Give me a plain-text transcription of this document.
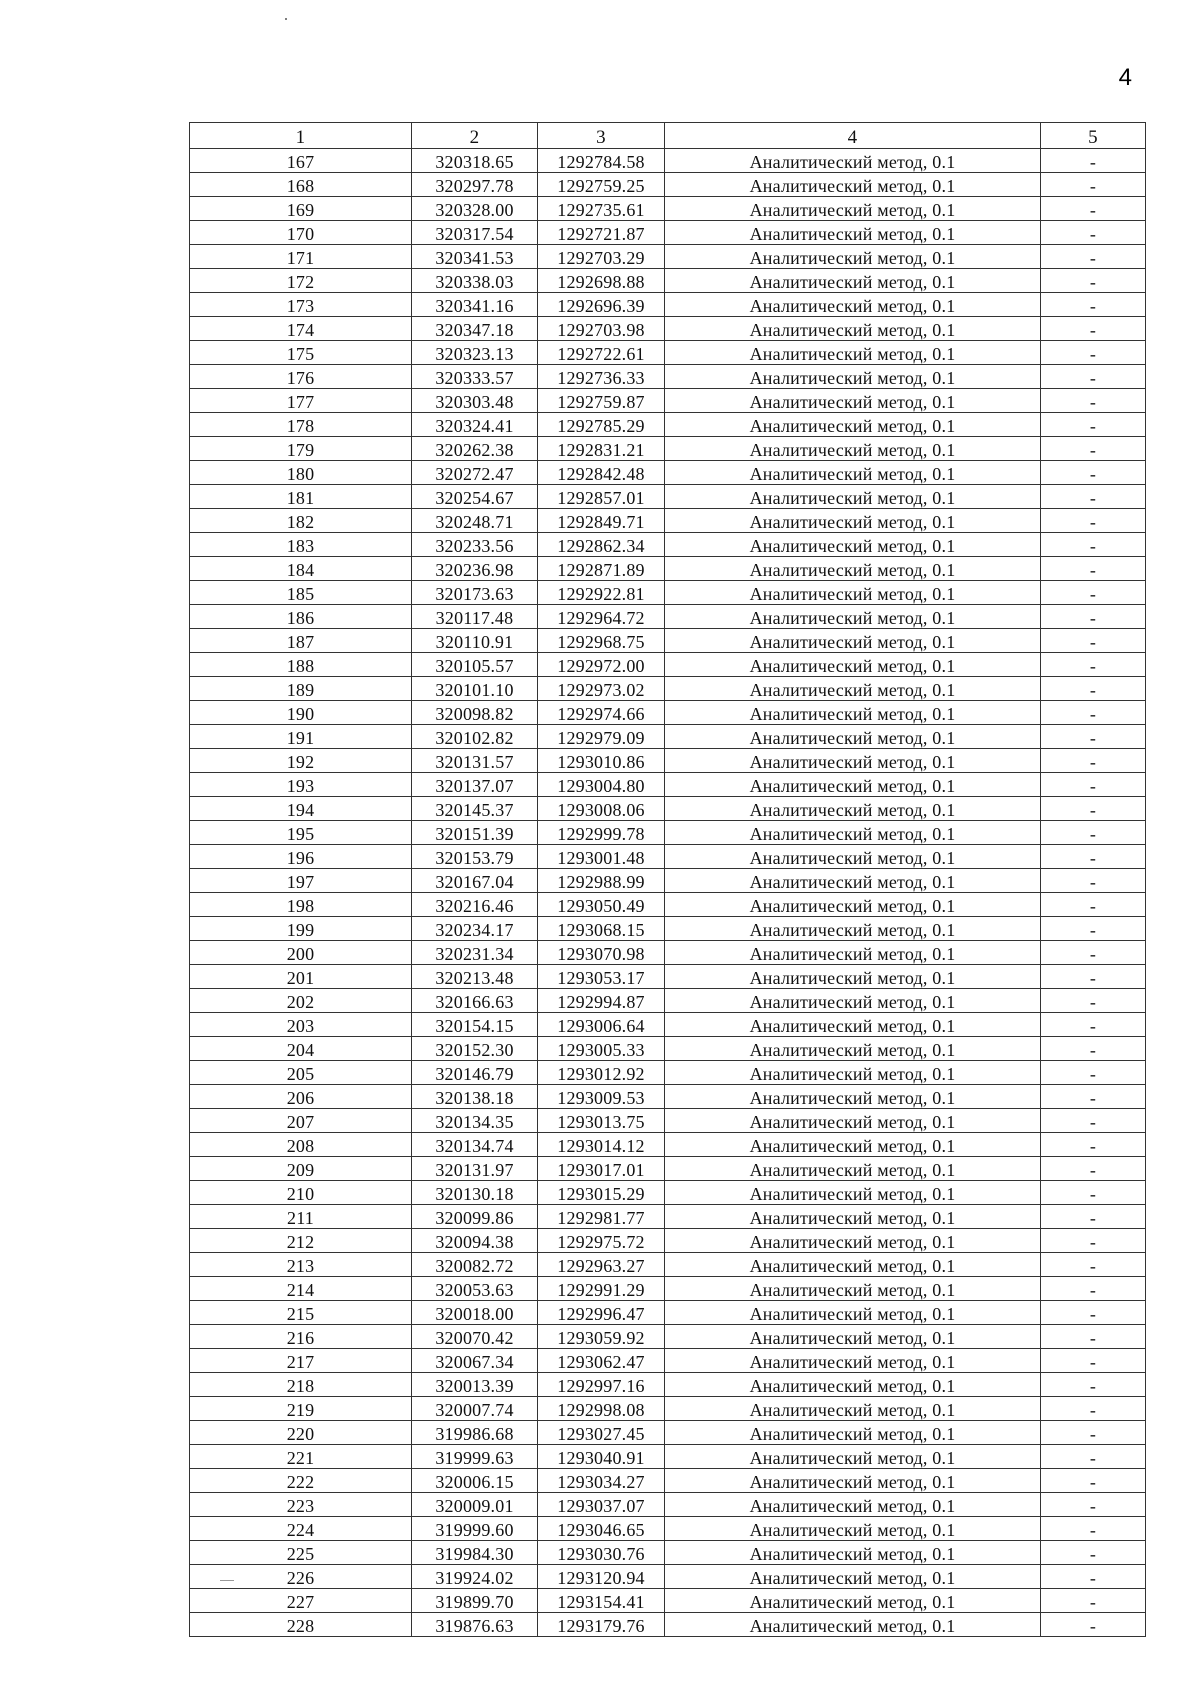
4
1	2	3	4	5
167	320318.65	1292784.58	Аналитический метод, 0.1	-
168	320297.78	1292759.25	Аналитический метод, 0.1	-
169	320328.00	1292735.61	Аналитический метод, 0.1	-
170	320317.54	1292721.87	Аналитический метод, 0.1	-
171	320341.53	1292703.29	Аналитический метод, 0.1	-
172	320338.03	1292698.88	Аналитический метод, 0.1	-
173	320341.16	1292696.39	Аналитический метод, 0.1	-
174	320347.18	1292703.98	Аналитический метод, 0.1	-
175	320323.13	1292722.61	Аналитический метод, 0.1	-
176	320333.57	1292736.33	Аналитический метод, 0.1	-
177	320303.48	1292759.87	Аналитический метод, 0.1	-
178	320324.41	1292785.29	Аналитический метод, 0.1	-
179	320262.38	1292831.21	Аналитический метод, 0.1	-
180	320272.47	1292842.48	Аналитический метод, 0.1	-
181	320254.67	1292857.01	Аналитический метод, 0.1	-
182	320248.71	1292849.71	Аналитический метод, 0.1	-
183	320233.56	1292862.34	Аналитический метод, 0.1	-
184	320236.98	1292871.89	Аналитический метод, 0.1	-
185	320173.63	1292922.81	Аналитический метод, 0.1	-
186	320117.48	1292964.72	Аналитический метод, 0.1	-
187	320110.91	1292968.75	Аналитический метод, 0.1	-
188	320105.57	1292972.00	Аналитический метод, 0.1	-
189	320101.10	1292973.02	Аналитический метод, 0.1	-
190	320098.82	1292974.66	Аналитический метод, 0.1	-
191	320102.82	1292979.09	Аналитический метод, 0.1	-
192	320131.57	1293010.86	Аналитический метод, 0.1	-
193	320137.07	1293004.80	Аналитический метод, 0.1	-
194	320145.37	1293008.06	Аналитический метод, 0.1	-
195	320151.39	1292999.78	Аналитический метод, 0.1	-
196	320153.79	1293001.48	Аналитический метод, 0.1	-
197	320167.04	1292988.99	Аналитический метод, 0.1	-
198	320216.46	1293050.49	Аналитический метод, 0.1	-
199	320234.17	1293068.15	Аналитический метод, 0.1	-
200	320231.34	1293070.98	Аналитический метод, 0.1	-
201	320213.48	1293053.17	Аналитический метод, 0.1	-
202	320166.63	1292994.87	Аналитический метод, 0.1	-
203	320154.15	1293006.64	Аналитический метод, 0.1	-
204	320152.30	1293005.33	Аналитический метод, 0.1	-
205	320146.79	1293012.92	Аналитический метод, 0.1	-
206	320138.18	1293009.53	Аналитический метод, 0.1	-
207	320134.35	1293013.75	Аналитический метод, 0.1	-
208	320134.74	1293014.12	Аналитический метод, 0.1	-
209	320131.97	1293017.01	Аналитический метод, 0.1	-
210	320130.18	1293015.29	Аналитический метод, 0.1	-
211	320099.86	1292981.77	Аналитический метод, 0.1	-
212	320094.38	1292975.72	Аналитический метод, 0.1	-
213	320082.72	1292963.27	Аналитический метод, 0.1	-
214	320053.63	1292991.29	Аналитический метод, 0.1	-
215	320018.00	1292996.47	Аналитический метод, 0.1	-
216	320070.42	1293059.92	Аналитический метод, 0.1	-
217	320067.34	1293062.47	Аналитический метод, 0.1	-
218	320013.39	1292997.16	Аналитический метод, 0.1	-
219	320007.74	1292998.08	Аналитический метод, 0.1	-
220	319986.68	1293027.45	Аналитический метод, 0.1	-
221	319999.63	1293040.91	Аналитический метод, 0.1	-
222	320006.15	1293034.27	Аналитический метод, 0.1	-
223	320009.01	1293037.07	Аналитический метод, 0.1	-
224	319999.60	1293046.65	Аналитический метод, 0.1	-
225	319984.30	1293030.76	Аналитический метод, 0.1	-
226	319924.02	1293120.94	Аналитический метод, 0.1	-
227	319899.70	1293154.41	Аналитический метод, 0.1	-
228	319876.63	1293179.76	Аналитический метод, 0.1	-
